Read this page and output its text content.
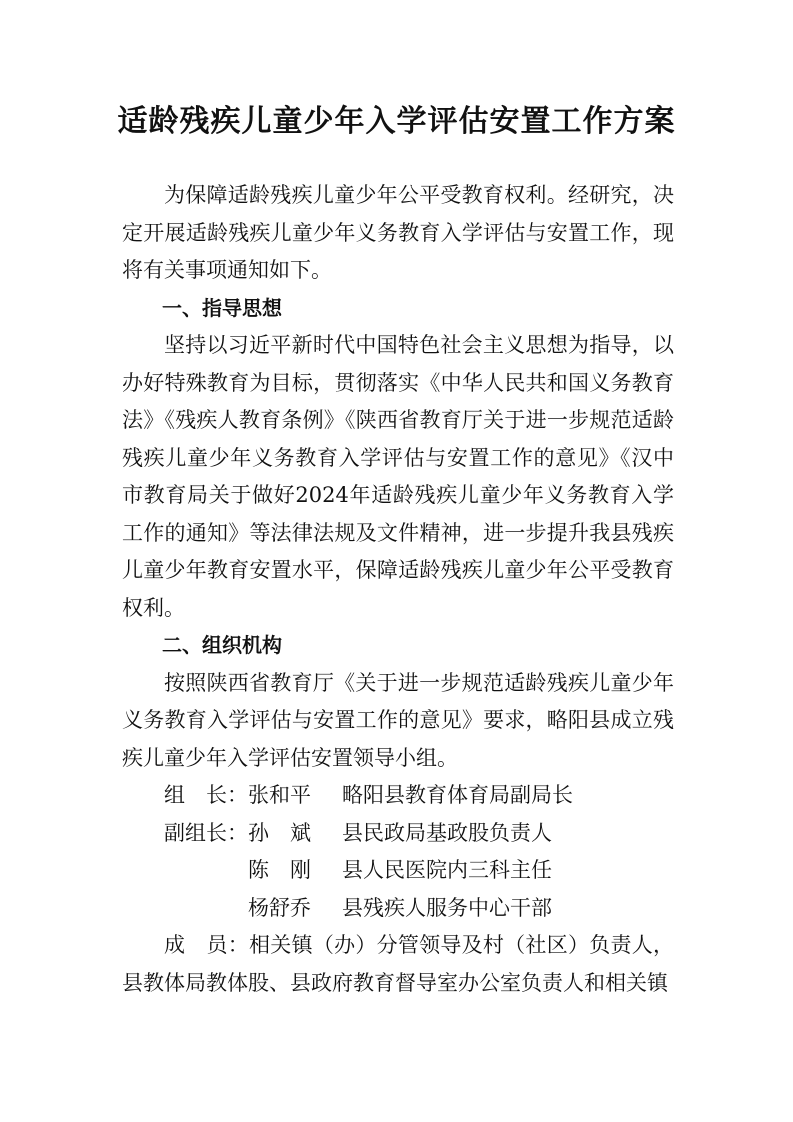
适龄残疾儿童少年入学评估安置工作方案

为保障适龄残疾儿童少年公平受教育权利。经研究，决定开展适龄残疾儿童少年义务教育入学评估与安置工作，现将有关事项通知如下。

一、指导思想

坚持以习近平新时代中国特色社会主义思想为指导，以办好特殊教育为目标，贯彻落实《中华人民共和国义务教育法》《残疾人教育条例》《陕西省教育厅关于进一步规范适龄残疾儿童少年义务教育入学评估与安置工作的意见》《汉中市教育局关于做好2024年适龄残疾儿童少年义务教育入学工作的通知》等法律法规及文件精神，进一步提升我县残疾儿童少年教育安置水平，保障适龄残疾儿童少年公平受教育权利。

二、组织机构

按照陕西省教育厅《关于进一步规范适龄残疾儿童少年义务教育入学评估与安置工作的意见》要求，略阳县成立残疾儿童少年入学评估安置领导小组。

组　长： 张和平	略阳县教育体育局副局长
副组长： 孙　斌	县民政局基政股负责人
陈　刚	县人民医院内三科主任
杨舒乔	县残疾人服务中心干部

成　员：相关镇（办）分管领导及村（社区）负责人，县教体局教体股、县政府教育督导室办公室负责人和相关镇
